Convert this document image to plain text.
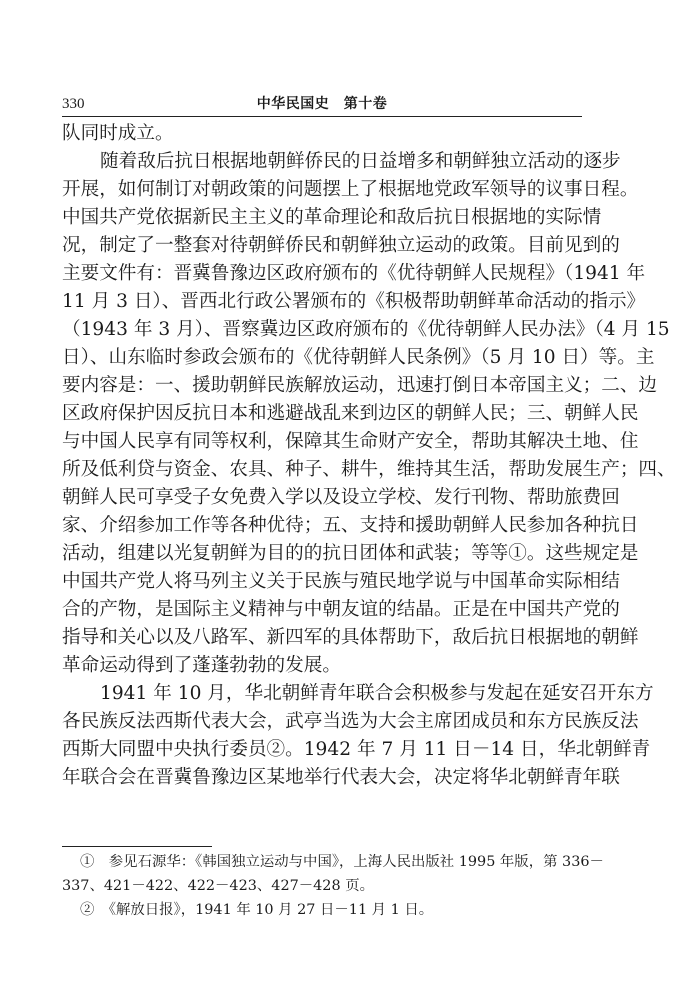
330	中华民国史　第十卷
队同时成立。
随着敌后抗日根据地朝鲜侨民的日益增多和朝鲜独立活动的逐步
开展，如何制订对朝政策的问题摆上了根据地党政军领导的议事日程。
中国共产党依据新民主主义的革命理论和敌后抗日根据地的实际情
况，制定了一整套对待朝鲜侨民和朝鲜独立运动的政策。目前见到的
主要文件有：晋冀鲁豫边区政府颁布的《优待朝鲜人民规程》（1941 年
11 月 3 日）、晋西北行政公署颁布的《积极帮助朝鲜革命活动的指示》
（1943 年 3 月）、晋察冀边区政府颁布的《优待朝鲜人民办法》（4 月 15
日）、山东临时参政会颁布的《优待朝鲜人民条例》（5 月 10 日）等。主
要内容是：一、援助朝鲜民族解放运动，迅速打倒日本帝国主义；二、边
区政府保护因反抗日本和逃避战乱来到边区的朝鲜人民；三、朝鲜人民
与中国人民享有同等权利，保障其生命财产安全，帮助其解决土地、住
所及低利贷与资金、农具、种子、耕牛，维持其生活，帮助发展生产；四、
朝鲜人民可享受子女免费入学以及设立学校、发行刊物、帮助旅费回
家、介绍参加工作等各种优待；五、支持和援助朝鲜人民参加各种抗日
活动，组建以光复朝鲜为目的的抗日团体和武装；等等①。这些规定是
中国共产党人将马列主义关于民族与殖民地学说与中国革命实际相结
合的产物，是国际主义精神与中朝友谊的结晶。正是在中国共产党的
指导和关心以及八路军、新四军的具体帮助下，敌后抗日根据地的朝鲜
革命运动得到了蓬蓬勃勃的发展。
1941 年 10 月，华北朝鲜青年联合会积极参与发起在延安召开东方
各民族反法西斯代表大会，武亭当选为大会主席团成员和东方民族反法
西斯大同盟中央执行委员②。1942 年 7 月 11 日－14 日，华北朝鲜青
年联合会在晋冀鲁豫边区某地举行代表大会，决定将华北朝鲜青年联
①　参见石源华：《韩国独立运动与中国》，上海人民出版社 1995 年版，第 336－
337、421－422、422－423、427－428 页。
②　《解放日报》，1941 年 10 月 27 日－11 月 1 日。
